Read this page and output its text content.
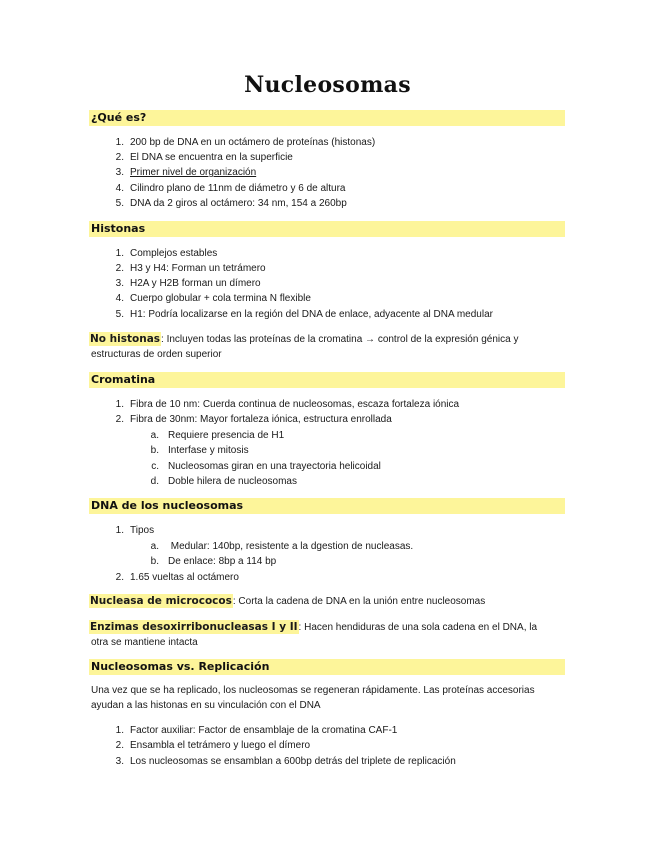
Nucleosomas
¿Qué es?
1. 200 bp de DNA en un octámero de proteínas (histonas)
2. El DNA se encuentra en la superficie
3. Primer nivel de organización
4. Cilindro plano de 11nm de diámetro y 6 de altura
5. DNA da 2 giros al octámero: 34 nm, 154 a 260bp
Histonas
1. Complejos estables
2. H3 y H4: Forman un tetrámero
3. H2A y H2B forman un dímero
4. Cuerpo globular + cola termina N flexible
5. H1: Podría localizarse en la región del DNA de enlace, adyacente al DNA medular
No histonas: Incluyen todas las proteínas de la cromatina → control de la expresión génica y
estructuras de orden superior
Cromatina
1. Fibra de 10 nm: Cuerda continua de nucleosomas, escaza fortaleza iónica
2. Fibra de 30nm: Mayor fortaleza iónica, estructura enrollada
a. Requiere presencia de H1
b. Interfase y mitosis
c. Nucleosomas giran en una trayectoria helicoidal
d. Doble hilera de nucleosomas
DNA de los nucleosomas
1. Tipos
a. Medular: 140bp, resistente a la dgestion de nucleasas.
b. De enlace: 8bp a 114 bp
2. 1.65 vueltas al octámero
Nucleasa de micrococos: Corta la cadena de DNA en la unión entre nucleosomas
Enzimas desoxirribonucleasas I y II: Hacen hendiduras de una sola cadena en el DNA, la
otra se mantiene intacta
Nucleosomas vs. Replicación
Una vez que se ha replicado, los nucleosomas se regeneran rápidamente. Las proteínas accesorias
ayudan a las histonas en su vinculación con el DNA
1. Factor auxiliar: Factor de ensamblaje de la cromatina CAF-1
2. Ensambla el tetrámero y luego el dímero
3. Los nucleosomas se ensamblan a 600bp detrás del triplete de replicación
